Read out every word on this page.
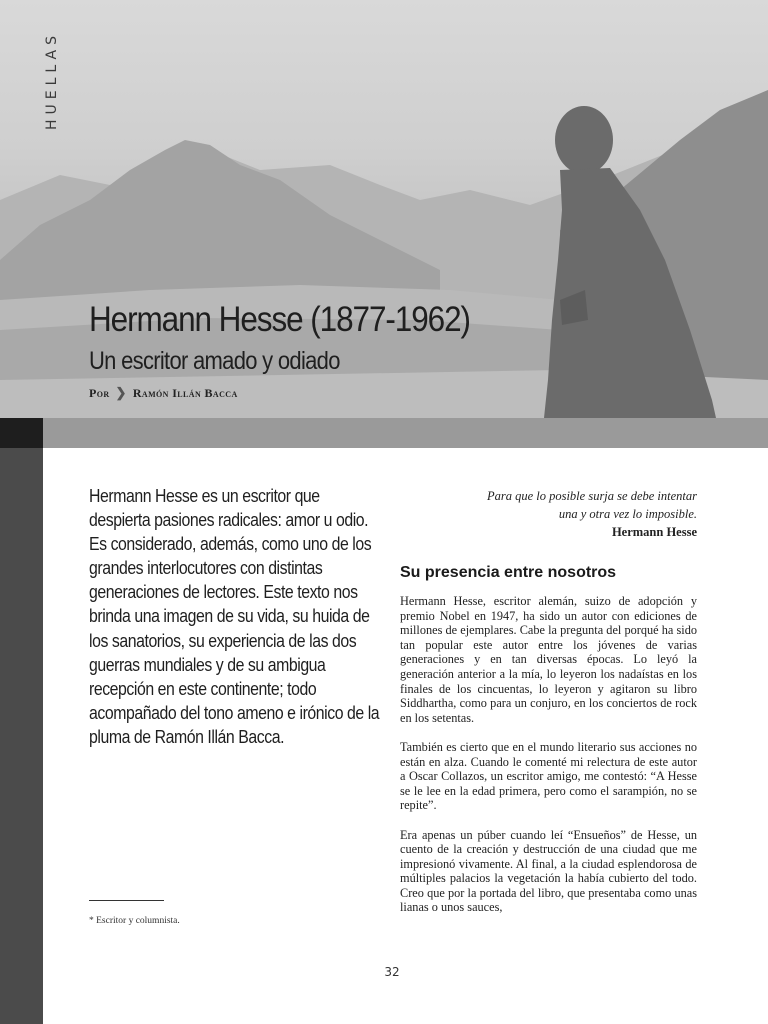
HUELLAS
Hermann Hesse (1877-1962)
Un escritor amado y odiado
Por ❯ Ramón Illán Bacca

Hermann Hesse es un escritor que despierta pasiones radicales: amor u odio. Es considerado, además, como uno de los grandes interlocutores con distintas generaciones de lectores. Este texto nos brinda una imagen de su vida, su huida de los sanatorios, su experiencia de las dos guerras mundiales y de su ambigua recepción en este continente; todo acompañado del tono ameno e irónico de la pluma de Ramón Illán Bacca.

Para que lo posible surja se debe intentar
una y otra vez lo imposible.
Hermann Hesse
Su presencia entre nosotros

Hermann Hesse, escritor alemán, suizo de adopción y premio Nobel en 1947, ha sido un autor con ediciones de millones de ejemplares. Cabe la pregunta del porqué ha sido tan popular este autor entre los jóvenes de varias generaciones y en tan diversas épocas. Lo leyó la generación anterior a la mía, lo leyeron los nadaístas en los finales de los cincuentas, lo leyeron y agitaron su libro Siddhartha, como para un conjuro, en los conciertos de rock en los setentas.

También es cierto que en el mundo literario sus acciones no están en alza. Cuando le comenté mi relectura de este autor a Oscar Collazos, un escritor amigo, me contestó: “A Hesse se le lee en la edad primera, pero como el sarampión, no se repite”.

Era apenas un púber cuando leí “Ensueños” de Hesse, un cuento de la creación y destrucción de una ciudad que me impresionó vivamente. Al final, a la ciudad esplendorosa de múltiples palacios la vegetación la había cubierto del todo. Creo que por la portada del libro, que presentaba como unas lianas o unos sauces,

* Escritor y columnista.
32
